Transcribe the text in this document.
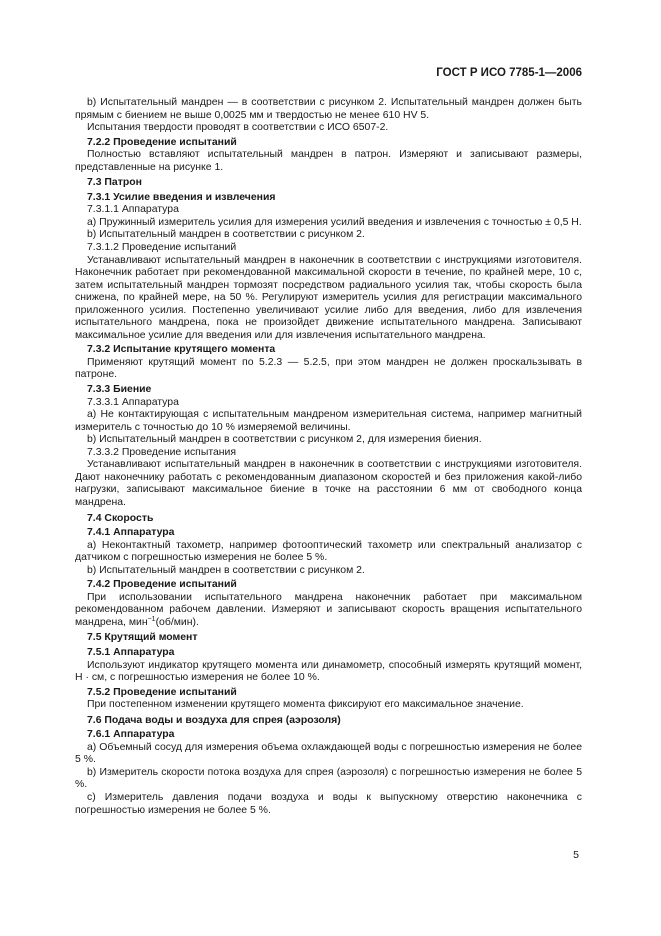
ГОСТ Р ИСО 7785-1—2006
b) Испытательный мандрен — в соответствии с рисунком 2. Испытательный мандрен должен быть прямым с биением не выше 0,0025 мм и твердостью не менее 610 HV 5.
Испытания твердости проводят в соответствии с ИСО 6507-2.
7.2.2 Проведение испытаний
Полностью вставляют испытательный мандрен в патрон. Измеряют и записывают размеры, представленные на рисунке 1.
7.3 Патрон
7.3.1 Усилие введения и извлечения
7.3.1.1 Аппаратура
а) Пружинный измеритель усилия для измерения усилий введения и извлечения с точностью ± 0,5 Н.
b) Испытательный мандрен в соответствии с рисунком 2.
7.3.1.2 Проведение испытаний
Устанавливают испытательный мандрен в наконечник в соответствии с инструкциями изготовителя. Наконечник работает при рекомендованной максимальной скорости в течение, по крайней мере, 10 с, затем испытательный мандрен тормозят посредством радиального усилия так, чтобы скорость была снижена, по крайней мере, на 50 %. Регулируют измеритель усилия для регистрации максимального приложенного усилия. Постепенно увеличивают усилие либо для введения, либо для извлечения испытательного мандрена, пока не произойдет движение испытательного мандрена. Записывают максимальное усилие для введения или для извлечения испытательного мандрена.
7.3.2 Испытание крутящего момента
Применяют крутящий момент по 5.2.3 — 5.2.5, при этом мандрен не должен проскальзывать в патроне.
7.3.3 Биение
7.3.3.1 Аппаратура
а) Не контактирующая с испытательным мандреном измерительная система, например магнитный измеритель с точностью до 10 % измеряемой величины.
b) Испытательный мандрен в соответствии с рисунком 2, для измерения биения.
7.3.3.2 Проведение испытания
Устанавливают испытательный мандрен в наконечник в соответствии с инструкциями изготовителя. Дают наконечнику работать с рекомендованным диапазоном скоростей и без приложения какой-либо нагрузки, записывают максимальное биение в точке на расстоянии 6 мм от свободного конца мандрена.
7.4 Скорость
7.4.1 Аппаратура
а) Неконтактный тахометр, например фотооптический тахометр или спектральный анализатор с датчиком с погрешностью измерения не более 5 %.
b) Испытательный мандрен в соответствии с рисунком 2.
7.4.2 Проведение испытаний
При использовании испытательного мандрена наконечник работает при максимальном рекомендованном рабочем давлении. Измеряют и записывают скорость вращения испытательного мандрена, мин$^{-1}$(об/мин).
7.5 Крутящий момент
7.5.1 Аппаратура
Используют индикатор крутящего момента или динамометр, способный измерять крутящий момент, Н · см, с погрешностью измерения не более 10 %.
7.5.2 Проведение испытаний
При постепенном изменении крутящего момента фиксируют его максимальное значение.
7.6 Подача воды и воздуха для спрея (аэрозоля)
7.6.1 Аппаратура
а) Объемный сосуд для измерения объема охлаждающей воды с погрешностью измерения не более 5 %.
b) Измеритель скорости потока воздуха для спрея (аэрозоля) с погрешностью измерения не более 5 %.
с) Измеритель давления подачи воздуха и воды к выпускному отверстию наконечника с погрешностью измерения не более 5 %.
5
